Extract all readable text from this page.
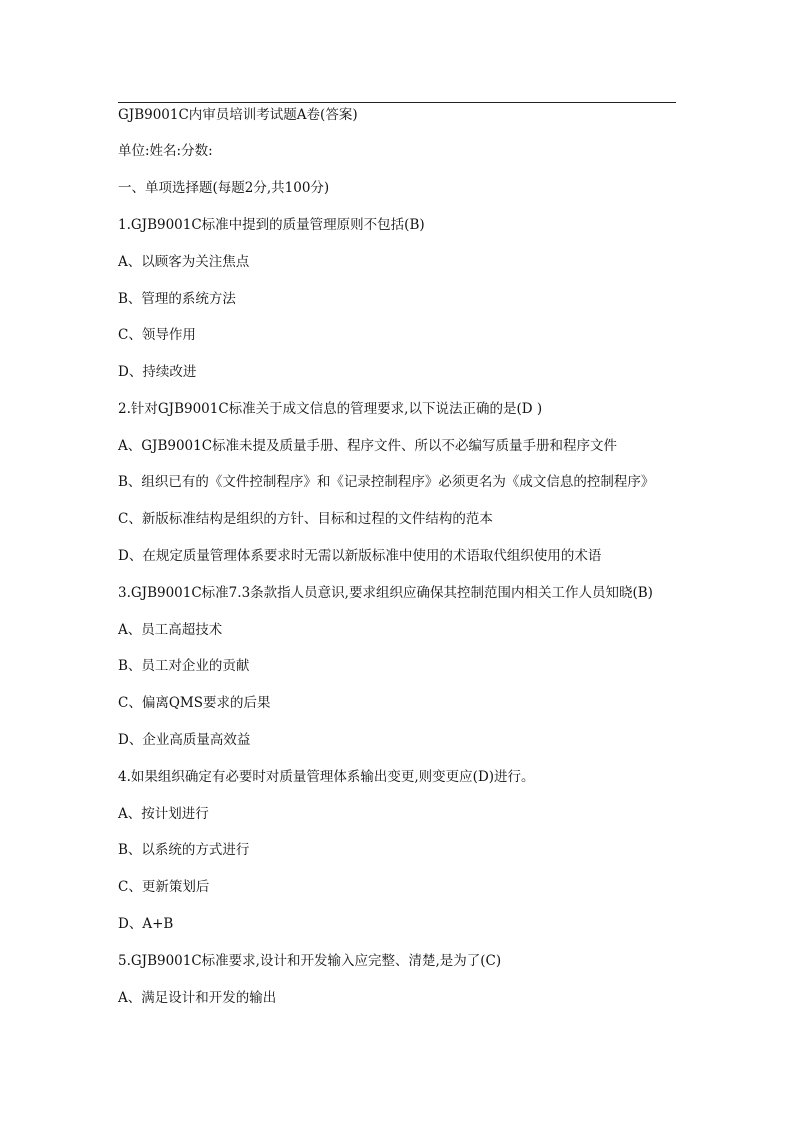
GJB9001C内审员培训考试题A卷(答案)
单位:姓名:分数:
一、单项选择题(每题2分,共100分)
1.GJB9001C标准中提到的质量管理原则不包括(B)
A、以顾客为关注焦点
B、管理的系统方法
C、领导作用
D、持续改进
2.针对GJB9001C标准关于成文信息的管理要求,以下说法正确的是(D )
A、GJB9001C标准未提及质量手册、程序文件、所以不必编写质量手册和程序文件
B、组织已有的《文件控制程序》和《记录控制程序》必须更名为《成文信息的控制程序》
C、新版标准结构是组织的方针、目标和过程的文件结构的范本
D、在规定质量管理体系要求时无需以新版标准中使用的术语取代组织使用的术语
3.GJB9001C标准7.3条款指人员意识,要求组织应确保其控制范围内相关工作人员知晓(B)
A、员工高超技术
B、员工对企业的贡献
C、偏离QMS要求的后果
D、企业高质量高效益
4.如果组织确定有必要时对质量管理体系输出变更,则变更应(D)进行。
A、按计划进行
B、以系统的方式进行
C、更新策划后
D、A+B
5.GJB9001C标准要求,设计和开发输入应完整、清楚,是为了(C)
A、满足设计和开发的输出
